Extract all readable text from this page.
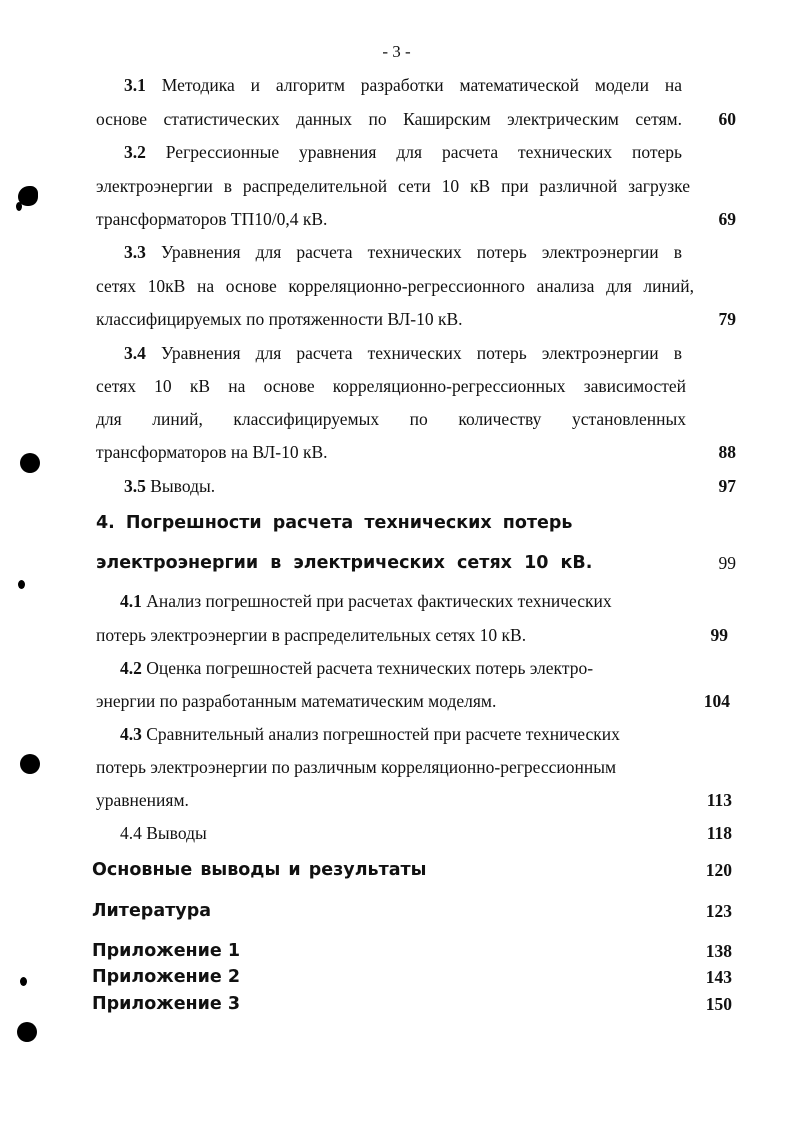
- 3 -
3.1 Методика и алгоритм разработки математической модели на
основе статистических данных по Каширским электрическим сетям.	60
3.2 Регрессионные уравнения для расчета технических потерь
электроэнергии в распределительной сети 10 кВ при различной загрузке
трансформаторов ТП10/0,4 кВ.	69
3.3 Уравнения для расчета технических потерь электроэнергии в
сетях 10кВ на основе корреляционно-регрессионного анализа для линий,
классифицируемых по протяженности ВЛ-10 кВ.	79
3.4 Уравнения для расчета технических потерь электроэнергии в
сетях 10 кВ на основе корреляционно-регрессионных зависимостей
для линий, классифицируемых по количеству установленных
трансформаторов на ВЛ-10 кВ.	88
3.5 Выводы.	97
4. Погрешности расчета технических потерь
электроэнергии в электрических сетях 10 кВ.	99
4.1 Анализ погрешностей при расчетах фактических технических
потерь электроэнергии в распределительных сетях 10 кВ.	99
4.2 Оценка погрешностей расчета технических потерь электро-
энергии по разработанным математическим моделям.	104
4.3 Сравнительный анализ погрешностей при расчете технических
потерь электроэнергии по различным корреляционно-регрессионным
уравнениям.	113
4.4 Выводы	118
Основные выводы и результаты	120
Литература	123
Приложение 1	138
Приложение 2	143
Приложение 3	150
